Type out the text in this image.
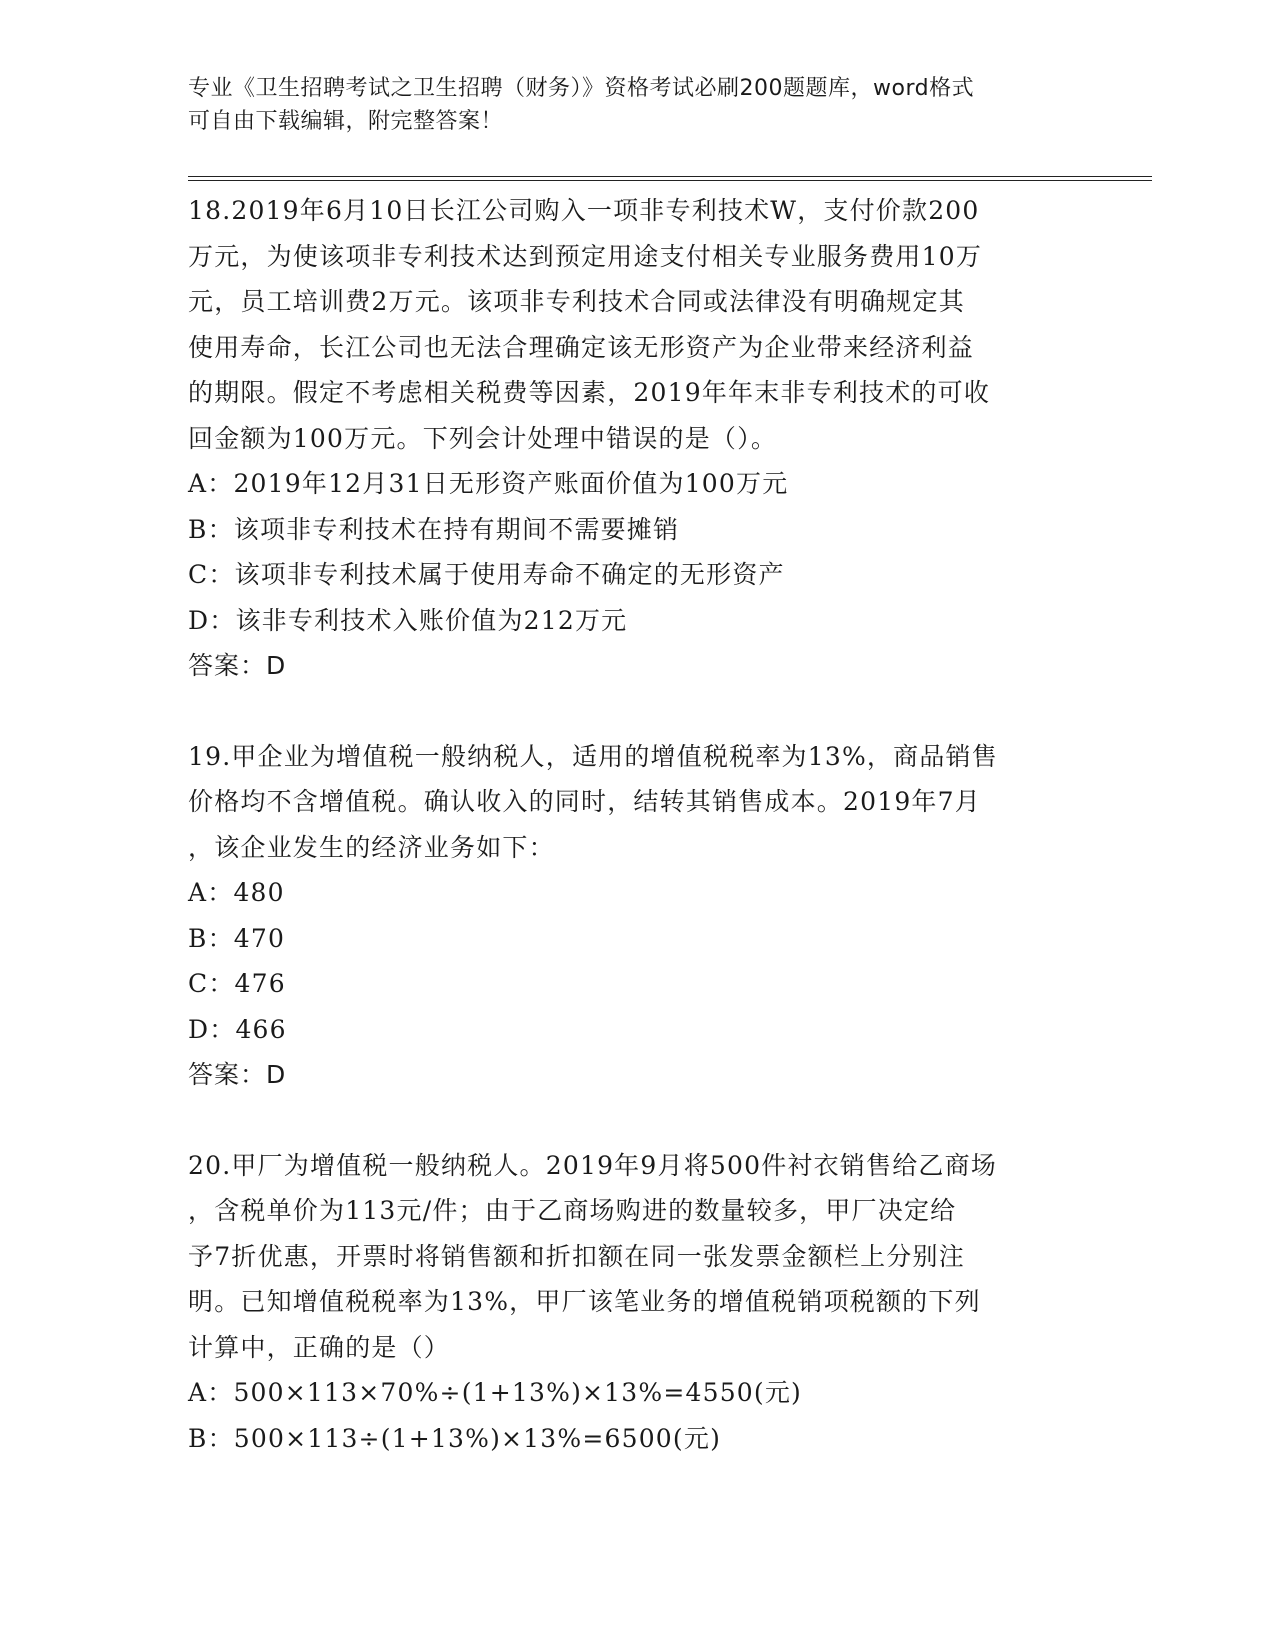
专业《卫生招聘考试之卫生招聘（财务）》资格考试必刷200题题库，word格式
可自由下载编辑，附完整答案！
18.2019年6月10日长江公司购入一项非专利技术W，支付价款200
万元，为使该项非专利技术达到预定用途支付相关专业服务费用10万
元，员工培训费2万元。该项非专利技术合同或法律没有明确规定其
使用寿命，长江公司也无法合理确定该无形资产为企业带来经济利益
的期限。假定不考虑相关税费等因素，2019年年末非专利技术的可收
回金额为100万元。下列会计处理中错误的是（）。
A：2019年12月31日无形资产账面价值为100万元
B：该项非专利技术在持有期间不需要摊销
C：该项非专利技术属于使用寿命不确定的无形资产
D：该非专利技术入账价值为212万元
答案：D
19.甲企业为增值税一般纳税人，适用的增值税税率为13%，商品销售
价格均不含增值税。确认收入的同时，结转其销售成本。2019年7月
，该企业发生的经济业务如下：
A：480
B：470
C：476
D：466
答案：D
20.甲厂为增值税一般纳税人。2019年9月将500件衬衣销售给乙商场
，含税单价为113元/件；由于乙商场购进的数量较多，甲厂决定给
予7折优惠，开票时将销售额和折扣额在同一张发票金额栏上分别注
明。已知增值税税率为13%，甲厂该笔业务的增值税销项税额的下列
计算中，正确的是（）
A：500×113×70%÷(1+13%)×13%=4550(元)
B：500×113÷(1+13%)×13%=6500(元)
